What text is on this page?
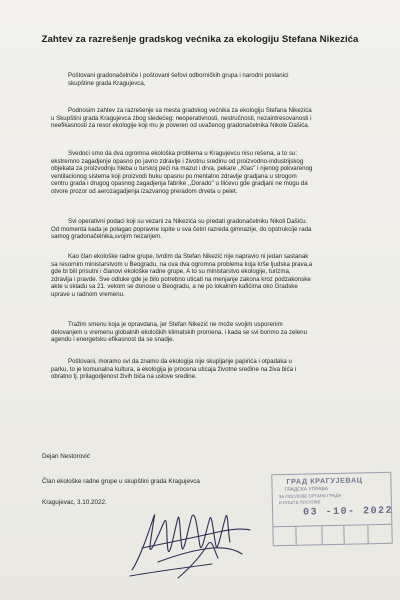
Zahtev za razrešenje gradskog većnika za ekologiju Stefana Nikezića
Poštovani gradonačelniče i poštovani šefovi odborničkih grupa i narodni poslanici
skupštine grada Kragujevca,
Podnosim zahtev za razrešenje sa mesta gradskog većnika za ekologiju Stefana Nikezića
u Skupštini grada Kragujevca zbog sledećeg: neoperativnosti, nestručnosti, nezaintresovanosti i
neefikasnosti za resor ekologije koji mu je poveren od uvaženog gradonačelnika Nikole Dašića.
Svedoci smo da dva ogromna ekološka problema u Kragujevcu nisu rešena, a to su:
ekstremno zagadjenje opasno po javno zdravlje i životnu sredinu od proizvodno-industrijskog
objekata za proizvodnju hleba u turskoj peći na mazut i drva, pekare ,,Klas'' i njenog pokvarenog
ventilacionog sistema koji proizvodi buku opasnu po mentalno zdravlje gradjana u strogom
centru grada i drugog opasnog zagadjenja fabrike ,,Dorado'' u Ilićevu gde gradjani ne mogu da
otvore prozor od aerozagadjenja izazvanog preradom drveta u pelet.
Svi operativni podaci koji su vezani za Nikezića su predati gradonačelniku Nikoli Dašiću.
Od momenta kada je polagao popravne ispite u sva četiri razreda gimnazije, do opstrukcije rada
samog gradonačelnika,svojim nezanjem.
Kao član ekološke radne grupe, tvrdim da Stefan Nikezić nije napravio ni jedan sastanak
sa resornim ministarstvom u Beogradu, na ova dva ogromna problema koja krše ljudska prava,a
gde bi bili prisutni i članovi ekološke radne grupe. A to su ministarstvo ekologije, turizma,
zdravlja i pravde. Sve odluke gde je bilo potrebno uticati na menjanje zakona kroz podzakonske
akte u skladu sa 21. vekom se donose u Beogradu, a ne po lokalnim kafićima oko Gradske
uprave u radnom vremenu.
Tražim smenu koja je opravdana, jer Stefan Nikezić ne može svojim usporenim
delovanjem u vremenu globalnih ekoloških klimatskih promena, i kada se svi borimo za zelenu
agendu i energetsku efikasnost da se snadje.
Poštovani, moramo svi da znamo da ekologija nije skupljanje papirića i otpadaka u
parku, to je komunalna kultura, a ekologija je procena uticaja životne sredine na živa bića i
obratno tj. prilagodjenost živih bića na uslove sredine.
Dejan Nestorović
Član ekološke radne grupe u skupštini grada Kragujevca
Kragujevac, 3.10.2022.
ГРАД КРАГУЈЕВАЦ
ГРАДСКА УПРАВА
ЗА ПОСЛОВЕ ОРГАНА ГРАДА
И ОПШТЕ ПОСЛОВЕ
03 -10- 2022
